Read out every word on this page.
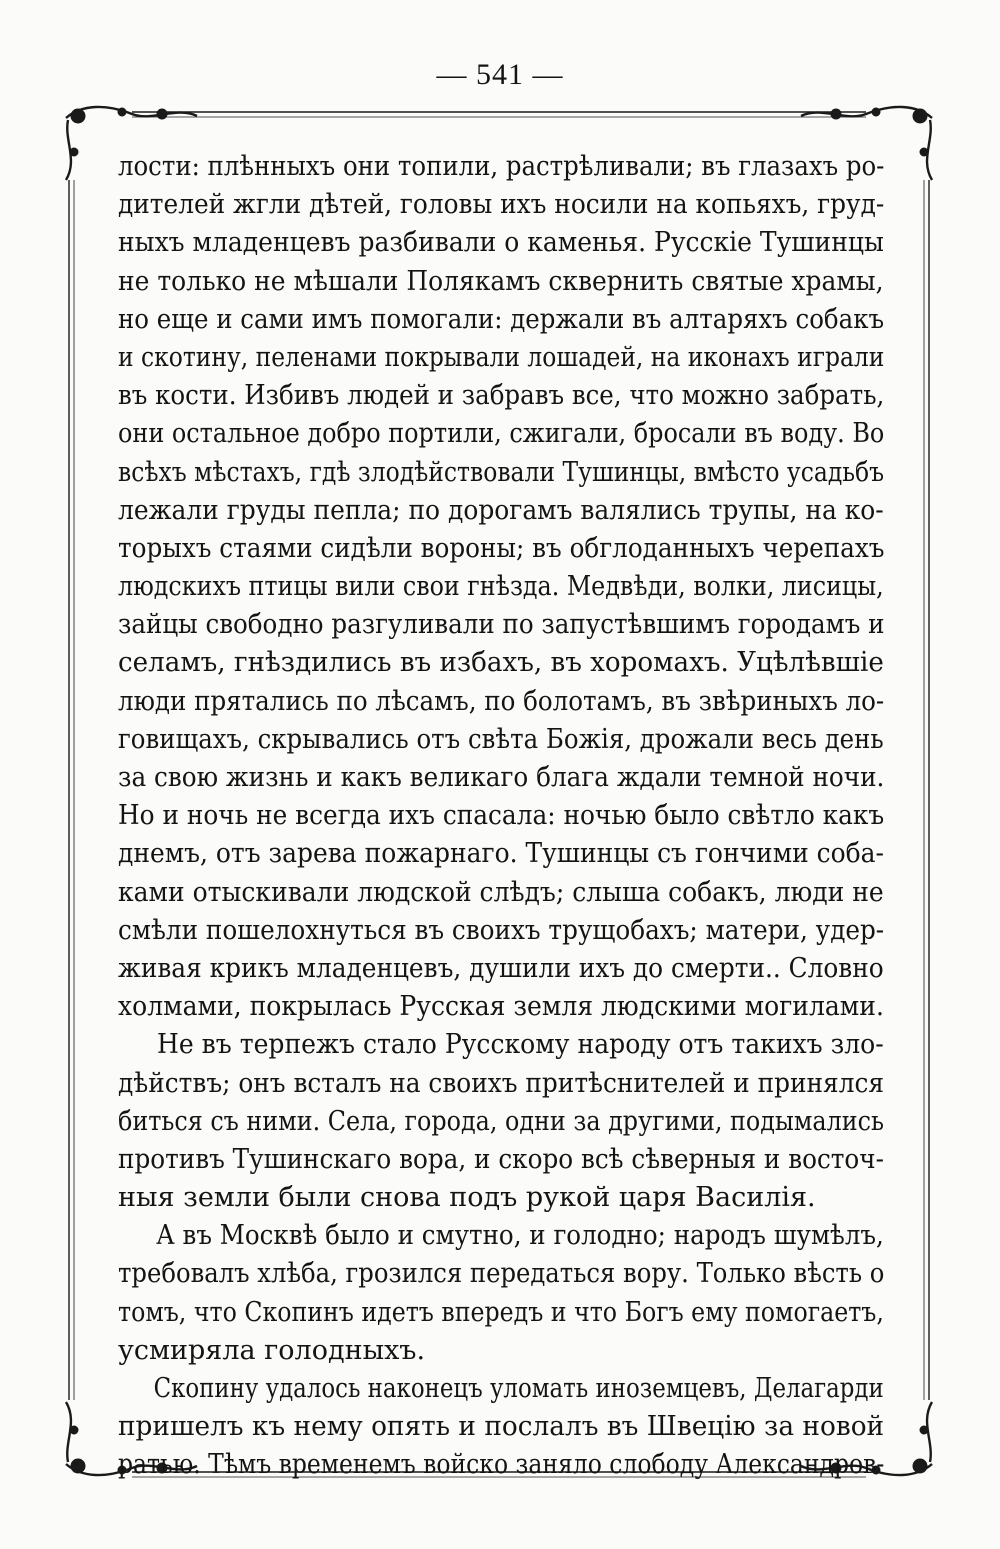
— 541 —
лости: плѣнныхъ они топили, растрѣливали; въ глазахъ ро-
дителей жгли дѣтей, головы ихъ носили на копьяхъ, груд-
ныхъ младенцевъ разбивали о каменья. Русскіе Тушинцы
не только не мѣшали Полякамъ сквернить святые храмы,
но еще и сами имъ помогали: держали въ алтаряхъ собакъ
и скотину, пеленами покрывали лошадей, на иконахъ играли
въ кости. Избивъ людей и забравъ все, что можно забрать,
они остальное добро портили, сжигали, бросали въ воду. Во
всѣхъ мѣстахъ, гдѣ злодѣйствовали Тушинцы, вмѣсто усадьбъ
лежали груды пепла; по дорогамъ валялись трупы, на ко-
торыхъ стаями сидѣли вороны; въ обглоданныхъ черепахъ
людскихъ птицы вили свои гнѣзда. Медвѣди, волки, лисицы,
зайцы свободно разгуливали по запустѣвшимъ городамъ и
селамъ, гнѣздились въ избахъ, въ хоромахъ. Уцѣлѣвшіе
люди прятались по лѣсамъ, по болотамъ, въ звѣриныхъ ло-
говищахъ, скрывались отъ свѣта Божія, дрожали весь день
за свою жизнь и какъ великаго блага ждали темной ночи.
Но и ночь не всегда ихъ спасала: ночью было свѣтло какъ
днемъ, отъ зарева пожарнаго. Тушинцы съ гончими соба-
ками отыскивали людской слѣдъ; слыша собакъ, люди не
смѣли пошелохнуться въ своихъ трущобахъ; матери, удер-
живая крикъ младенцевъ, душили ихъ до смерти.. Словно
холмами, покрылась Русская земля людскими могилами.
Не въ терпежъ стало Русскому народу отъ такихъ зло-
дѣйствъ; онъ всталъ на своихъ притѣснителей и принялся
биться съ ними. Села, города, одни за другими, подымались
противъ Тушинскаго вора, и скоро всѣ сѣверныя и восточ-
ныя земли были снова подъ рукой царя Василія.
А въ Москвѣ было и смутно, и голодно; народъ шумѣлъ,
требовалъ хлѣба, грозился передаться вору. Только вѣсть о
томъ, что Скопинъ идетъ впередъ и что Богъ ему помогаетъ,
усмиряла голодныхъ.
Скопину удалось наконецъ уломать иноземцевъ, Делагарди
пришелъ къ нему опять и послалъ въ Швецію за новой
ратью. Тѣмъ временемъ войско заняло слободу Александров-
